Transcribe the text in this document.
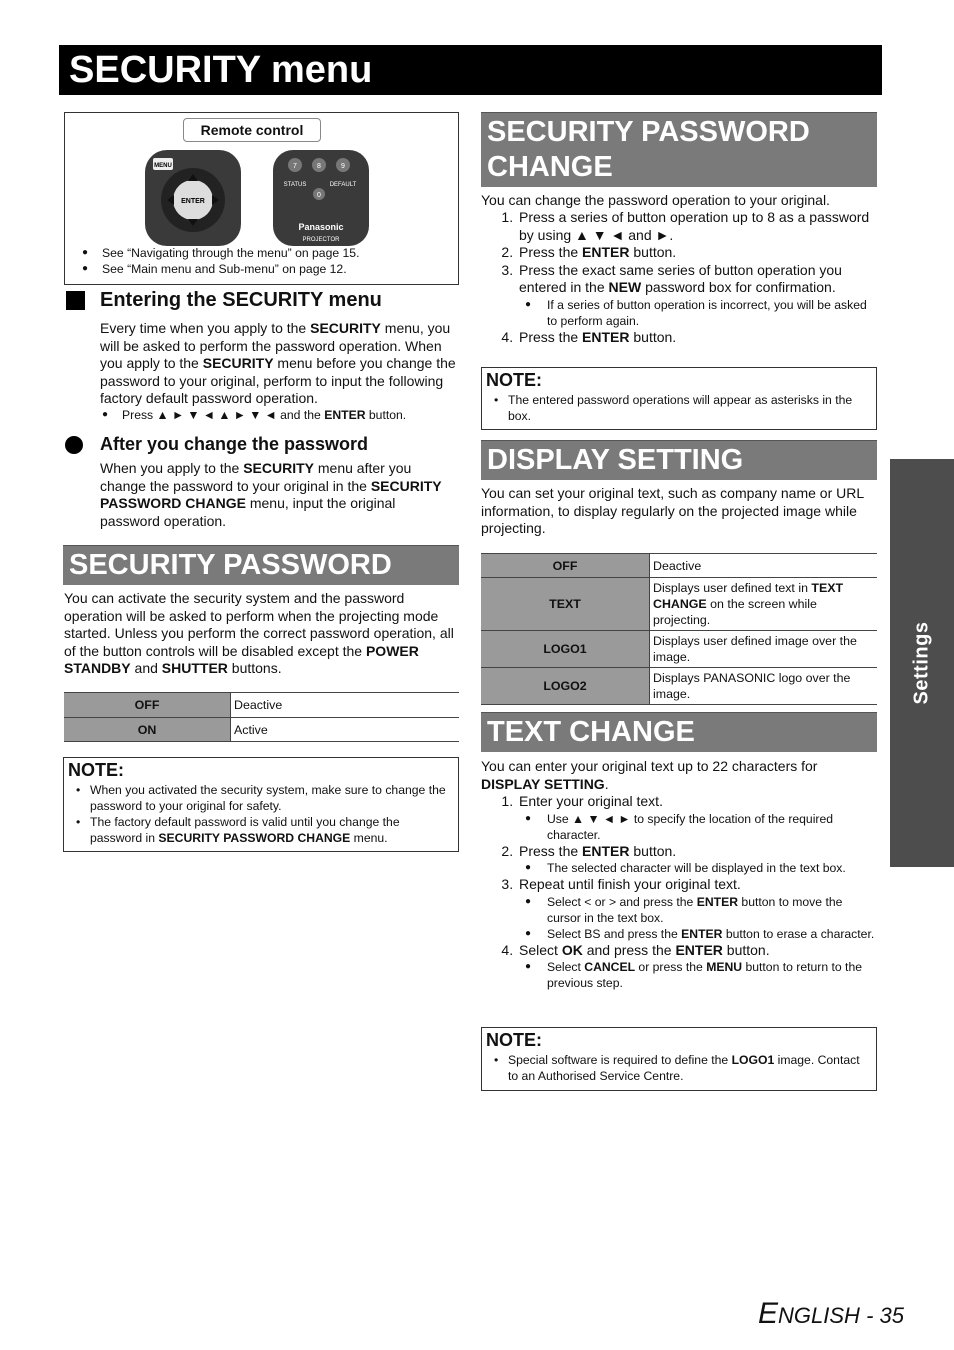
SECURITY menu
Remote control
ENTER
MENU	7	8	9
STATUS	DEFAULT
0
Panasonic
PROJECTOR
● See “Navigating through the menu” on page 15.
● See “Main menu and Sub-menu” on page 12.
Entering the SECURITY menu
Every time when you apply to the SECURITY menu, you will be asked to perform the password operation. When you apply to the SECURITY menu before you change the password to your original, perform to input the following factory default password operation.
● Press ▲ ► ▼ ◄ ▲ ► ▼ ◄ and the ENTER button.
After you change the password
When you apply to the SECURITY menu after you change the password to your original in the SECURITY PASSWORD CHANGE menu, input the original password operation.
SECURITY PASSWORD
You can activate the security system and the password operation will be asked to perform when the projecting mode started. Unless you perform the correct password operation, all of the button controls will be disabled except the POWER STANDBY and SHUTTER buttons.
OFF	Deactive
ON	Active
NOTE:
• When you activated the security system, make sure to change the password to your original for safety.
• The factory default password is valid until you change the password in SECURITY PASSWORD CHANGE menu.
SECURITY PASSWORD CHANGE
You can change the password operation to your original.
1. Press a series of button operation up to 8 as a password by using ▲ ▼ ◄ and ►.
2. Press the ENTER button.
3. Press the exact same series of button operation you entered in the NEW password box for confirmation.
● If a series of button operation is incorrect, you will be asked to perform again.
4. Press the ENTER button.
NOTE:
• The entered password operations will appear as asterisks in the box.
DISPLAY SETTING
You can set your original text, such as company name or URL information, to display regularly on the projected image while projecting.
OFF	Deactive
TEXT	Displays user defined text in TEXT CHANGE on the screen while projecting.
LOGO1	Displays user defined image over the image.
LOGO2	Displays PANASONIC logo over the image.
TEXT CHANGE
You can enter your original text up to 22 characters for DISPLAY SETTING.
1. Enter your original text.
● Use ▲ ▼ ◄ ► to specify the location of the required character.
2. Press the ENTER button.
● The selected character will be displayed in the text box.
3. Repeat until finish your original text.
● Select < or > and press the ENTER button to move the cursor in the text box.
● Select BS and press the ENTER button to erase a character.
4. Select OK and press the ENTER button.
● Select CANCEL or press the MENU button to return to the previous step.
NOTE:
• Special software is required to define the LOGO1 image. Contact to an Authorised Service Centre.
Settings
ENGLISH - 35
